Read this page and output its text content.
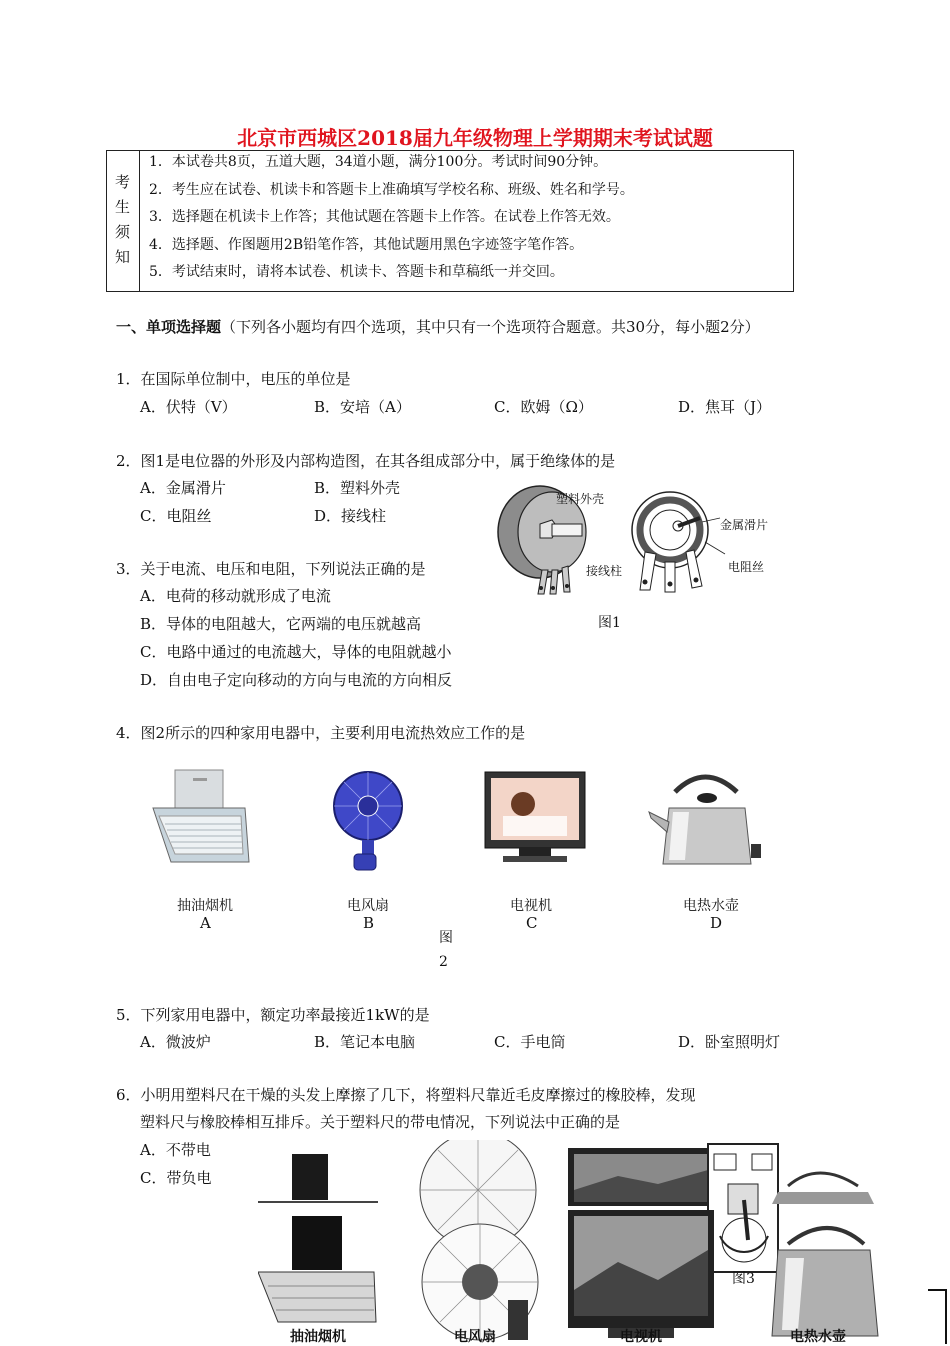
北京市西城区2018届九年级物理上学期期末考试试题
考
生
须
知
1．本试卷共8页，五道大题，34道小题，满分100分。考试时间90分钟。
2．考生应在试卷、机读卡和答题卡上准确填写学校名称、班级、姓名和学号。
3．选择题在机读卡上作答；其他试题在答题卡上作答。在试卷上作答无效。
4．选择题、作图题用2B铅笔作答，其他试题用黑色字迹签字笔作答。
5．考试结束时，请将本试卷、机读卡、答题卡和草稿纸一并交回。
一、单项选择题（下列各小题均有四个选项，其中只有一个选项符合题意。共30分，每小题2分）
1．在国际单位制中，电压的单位是
A．伏特（V）	B．安培（A）	C．欧姆（Ω）	D．焦耳（J）
2．图1是电位器的外形及内部构造图，在其各组成部分中，属于绝缘体的是
A．金属滑片	B．塑料外壳
C．电阻丝	D．接线柱
塑料外壳
金属滑片
接线柱	电阻丝
图1
3．关于电流、电压和电阻，下列说法正确的是
A．电荷的移动就形成了电流
B．导体的电阻越大，它两端的电压就越高
C．电路中通过的电流越大，导体的电阻就越小
D．自由电子定向移动的方向与电流的方向相反
4．图2所示的四种家用电器中，主要利用电流热效应工作的是
抽油烟机
A
电风扇
B
电视机
C
电热水壶
D
图
2
5．下列家用电器中，额定功率最接近1kW的是
A．微波炉	B．笔记本电脑	C．手电筒	D．卧室照明灯
6．小明用塑料尺在干燥的头发上摩擦了几下，将塑料尺靠近毛皮摩擦过的橡胶棒，发现
塑料尺与橡胶棒相互排斥。关于塑料尺的带电情况，下列说法中正确的是
A．不带电
C．带负电
图3
抽油烟机	电风扇	电视机	电热水壶
